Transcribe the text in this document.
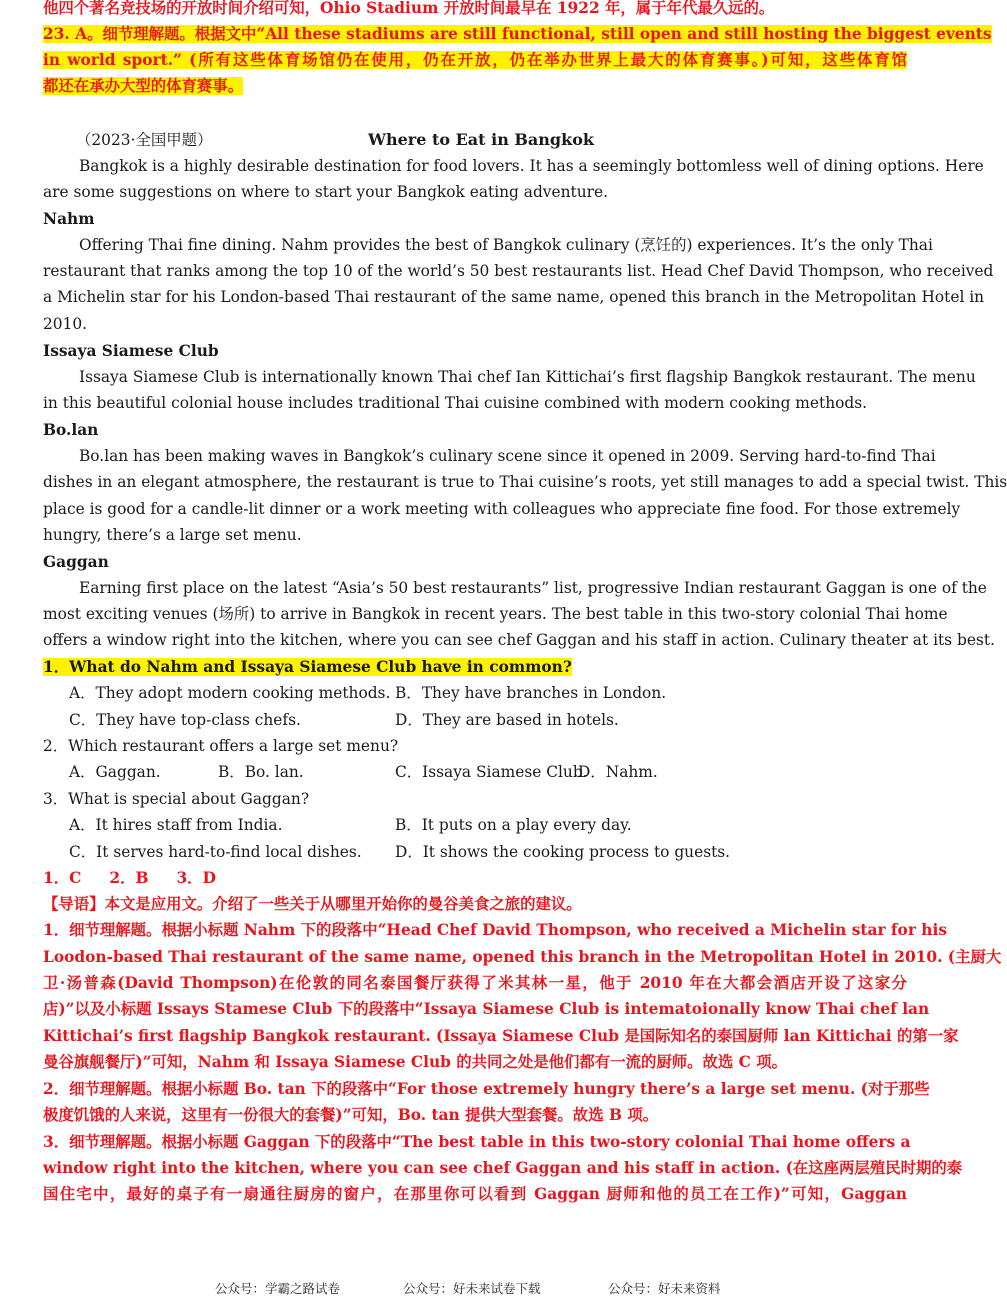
他四个著名竞技场的开放时间介绍可知，Ohio Stadium 开放时间最早在 1922 年，属于年代最久远的。
23. A。细节理解题。根据文中“All these stadiums are still functional, still open and still hosting the biggest events
in world sport.” (所有这些体育场馆仍在使用，仍在开放，仍在举办世界上最大的体育赛事。)可知，这些体育馆
都还在承办大型的体育赛事。
（2023·全国甲题）	Where to Eat in Bangkok
Bangkok is a highly desirable destination for food lovers. It has a seemingly bottomless well of dining options. Here
are some suggestions on where to start your Bangkok eating adventure.
Nahm
Offering Thai fine dining. Nahm provides the best of Bangkok culinary (烹饪的) experiences. It’s the only Thai
restaurant that ranks among the top 10 of the world’s 50 best restaurants list. Head Chef David Thompson, who received
a Michelin star for his London-based Thai restaurant of the same name, opened this branch in the Metropolitan Hotel in
2010.
Issaya Siamese Club
Issaya Siamese Club is internationally known Thai chef Ian Kittichai’s first flagship Bangkok restaurant. The menu
in this beautiful colonial house includes traditional Thai cuisine combined with modern cooking methods.
Bo.lan
Bo.lan has been making waves in Bangkok’s culinary scene since it opened in 2009. Serving hard-to-find Thai
dishes in an elegant atmosphere, the restaurant is true to Thai cuisine’s roots, yet still manages to add a special twist. This
place is good for a candle-lit dinner or a work meeting with colleagues who appreciate fine food. For those extremely
hungry, there’s a large set menu.
Gaggan
Earning first place on the latest “Asia’s 50 best restaurants” list, progressive Indian restaurant Gaggan is one of the
most exciting venues (场所) to arrive in Bangkok in recent years. The best table in this two-story colonial Thai home
offers a window right into the kitchen, where you can see chef Gaggan and his staff in action. Culinary theater at its best.
1．What do Nahm and Issaya Siamese Club have in common?
A．They adopt modern cooking methods. B．They have branches in London.
C．They have top-class chefs.	D．They are based in hotels.
2．Which restaurant offers a large set menu?
A．Gaggan.	B．Bo. lan.	C．Issaya Siamese Club.
D．Nahm.
3．What is special about Gaggan?
A．It hires staff from India.	B．It puts on a play every day.
C．It serves hard-to-find local dishes. D．It shows the cooking process to guests.
1．C 2．B 3．D
【导语】本文是应用文。介绍了一些关于从哪里开始你的曼谷美食之旅的建议。
1．细节理解题。根据小标题 Nahm 下的段落中“Head Chef David Thompson, who received a Michelin star for his
Loodon-based Thai restaurant of the same name, opened this branch in the Metropolitan Hotel in 2010. (主厨大
卫·汤普森(David Thompson)在伦敦的同名泰国餐厅获得了米其林一星，他于 2010 年在大都会酒店开设了这家分
店)”以及小标题 Issays Stamese Club 下的段落中“Issaya Siamese Club is intematoionally know Thai chef lan
Kittichai’s first flagship Bangkok restaurant. (Issaya Siamese Club 是国际知名的泰国厨师 lan Kittichai 的第一家
曼谷旗舰餐厅)”可知，Nahm 和 Issaya Siamese Club 的共同之处是他们都有一流的厨师。故选 C 项。
2．细节理解题。根据小标题 Bo. tan 下的段落中“For those extremely hungry there’s a large set menu. (对于那些
极度饥饿的人来说，这里有一份很大的套餐)”可知，Bo. tan 提供大型套餐。故选 B 项。
3．细节理解题。根据小标题 Gaggan 下的段落中“The best table in this two-story colonial Thai home offers a
window right into the kitchen, where you can see chef Gaggan and his staff in action. (在这座两层殖民时期的泰
国住宅中，最好的桌子有一扇通往厨房的窗户，在那里你可以看到 Gaggan 厨师和他的员工在工作)”可知，Gaggan
公众号：学霸之路试卷	公众号：好未来试卷下载	公众号：好未来资料
